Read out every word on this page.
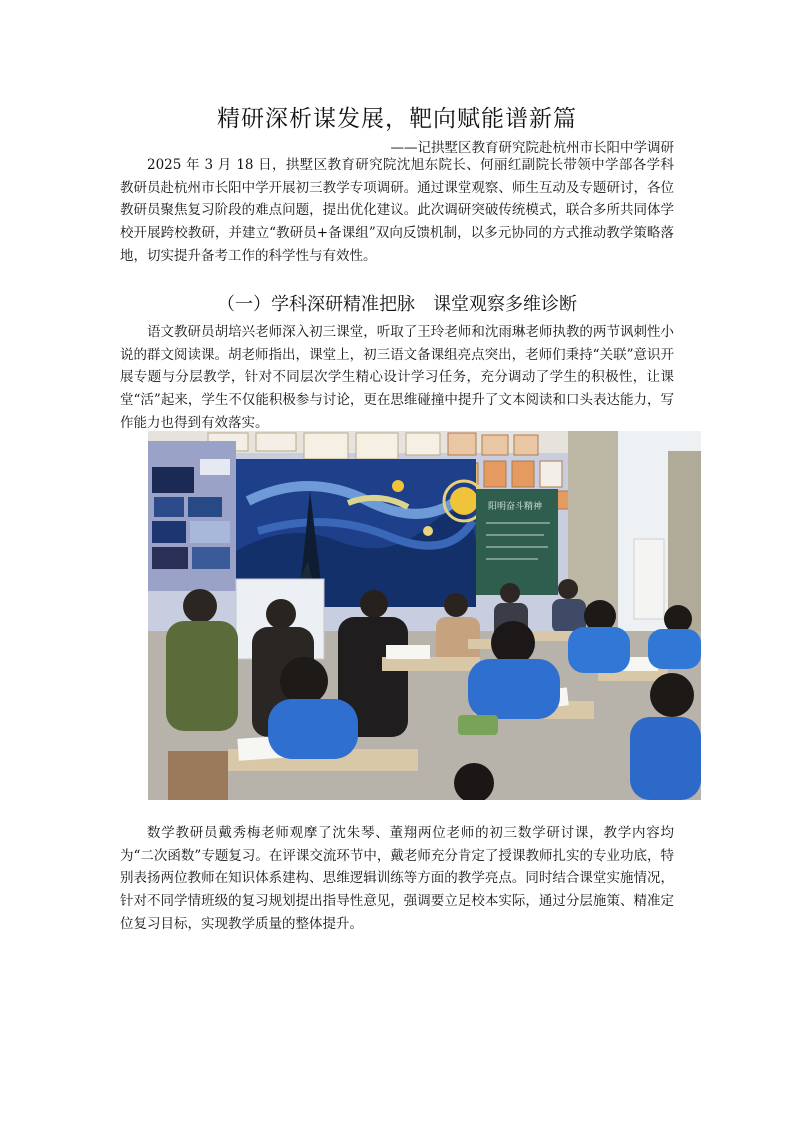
精研深析谋发展，靶向赋能谱新篇
——记拱墅区教育研究院赴杭州市长阳中学调研

2025 年 3 月 18 日，拱墅区教育研究院沈旭东院长、何丽红副院长带领中学部各学科教研员赴杭州市长阳中学开展初三教学专项调研。通过课堂观察、师生互动及专题研讨，各位教研员聚焦复习阶段的难点问题，提出优化建议。此次调研突破传统模式，联合多所共同体学校开展跨校教研，并建立“教研员+备课组”双向反馈机制，以多元协同的方式推动教学策略落地，切实提升备考工作的科学性与有效性。

（一）学科深研精准把脉　课堂观察多维诊断

语文教研员胡培兴老师深入初三课堂，听取了王玲老师和沈雨琳老师执教的两节讽刺性小说的群文阅读课。胡老师指出，课堂上，初三语文备课组亮点突出，老师们秉持“关联”意识开展专题与分层教学，针对不同层次学生精心设计学习任务，充分调动了学生的积极性，让课堂“活”起来，学生不仅能积极参与讨论，更在思维碰撞中提升了文本阅读和口头表达能力，写作能力也得到有效落实。

阳明奋斗精神

数学教研员戴秀梅老师观摩了沈朱琴、董翔两位老师的初三数学研讨课，教学内容均为“二次函数”专题复习。在评课交流环节中，戴老师充分肯定了授课教师扎实的专业功底，特别表扬两位教师在知识体系建构、思维逻辑训练等方面的教学亮点。同时结合课堂实施情况，针对不同学情班级的复习规划提出指导性意见，强调要立足校本实际，通过分层施策、精准定位复习目标，实现教学质量的整体提升。
